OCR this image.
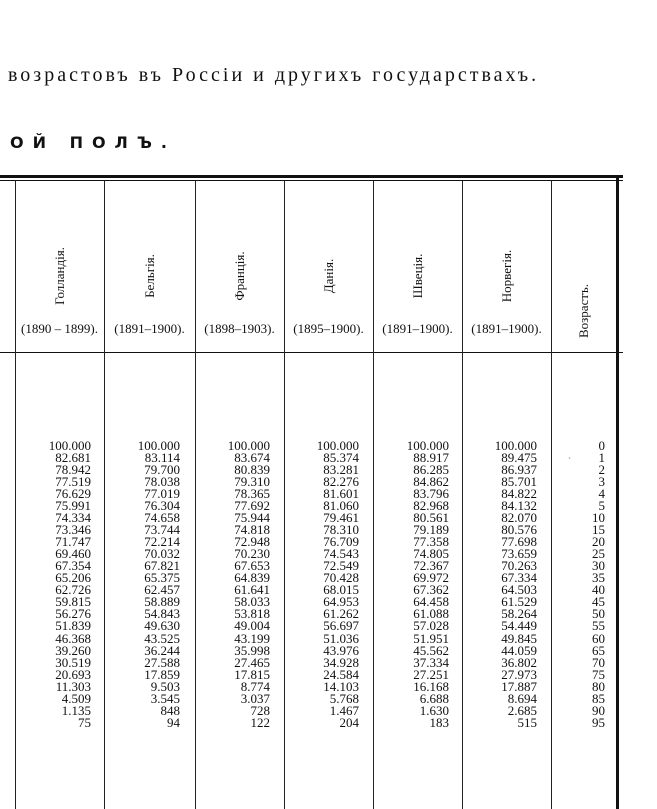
возрастовъ въ Россіи и другихъ государствахъ.
ОЙ ПОЛЪ.
Голландія.
(1890 – 1899).
Бельгія.
(1891–1900).
Франція.
(1898–1903).
Данія.
(1895–1900).
Швеція.
(1891–1900).
Норвегія.
(1891–1900).	Возрастъ.
100.000
82.681
78.942
77.519
76.629
75.991
74.334
73.346
71.747
69.460
67.354
65.206
62.726
59.815
56.276
51.839
46.368
39.260
30.519
20.693
11.303
4.509
1.135
75
100.000
83.114
79.700
78.038
77.019
76.304
74.658
73.744
72.214
70.032
67.821
65.375
62.457
58.889
54.843
49.630
43.525
36.244
27.588
17.859
9.503
3.545
848
94
100.000
83.674
80.839
79.310
78.365
77.692
75.944
74.818
72.948
70.230
67.653
64.839
61.641
58.033
53.818
49.004
43.199
35.998
27.465
17.815
8.774
3.037
728
122
100.000
85.374
83.281
82.276
81.601
81.060
79.461
78.310
76.709
74.543
72.549
70.428
68.015
64.953
61.262
56.697
51.036
43.976
34.928
24.584
14.103
5.768
1.467
204
100.000
88.917
86.285
84.862
83.796
82.968
80.561
79.189
77.358
74.805
72.367
69.972
67.362
64.458
61.088
57.028
51.951
45.562
37.334
27.251
16.168
6.688
1.630
183
100.000
89.475
86.937
85.701
84.822
84.132
82.070
80.576
77.698
73.659
70.263
67.334
64.503
61.529
58.264
54.449
49.845
44.059
36.802
27.973
17.887
8.694
2.685
515
0
1
2
3
4
5
10
15
20
25
30
35
40
45
50
55
60
65
70
75
80
85
90
95
`
